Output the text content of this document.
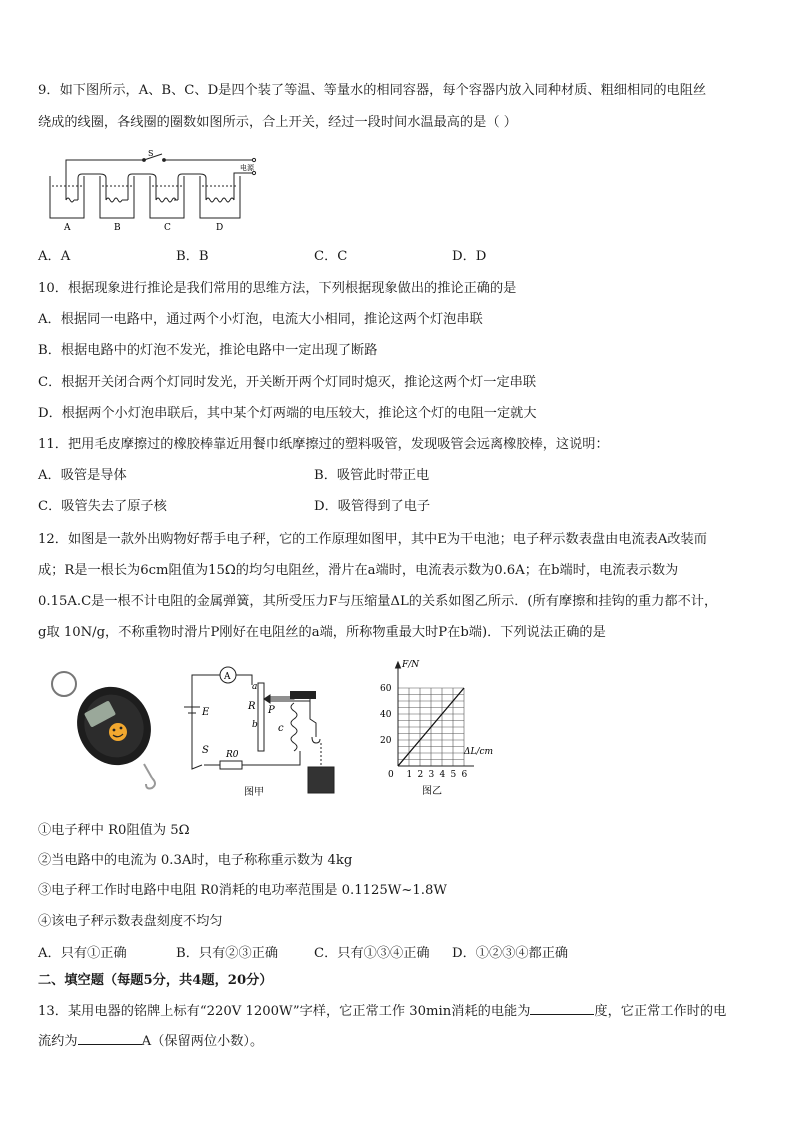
9．如下图所示，A、B、C、D是四个装了等温、等量水的相同容器，每个容器内放入同种材质、粗细相同的电阻丝
绕成的线圈，各线圈的圈数如图所示，合上开关，经过一段时间水温最高的是（ ）
S
电源
A	B	C	D
A．A	B．B	C．C	D．D
10．根据现象进行推论是我们常用的思维方法，下列根据现象做出的推论正确的是
A．根据同一电路中，通过两个小灯泡，电流大小相同，推论这两个灯泡串联
B．根据电路中的灯泡不发光，推论电路中一定出现了断路
C．根据开关闭合两个灯同时发光，开关断开两个灯同时熄灭，推论这两个灯一定串联
D．根据两个小灯泡串联后，其中某个灯两端的电压较大，推论这个灯的电阻一定就大
11．把用毛皮摩擦过的橡胶棒靠近用餐巾纸摩擦过的塑料吸管，发现吸管会远离橡胶棒，这说明：
A．吸管是导体	B．吸管此时带正电
C．吸管失去了原子核	D．吸管得到了电子
12．如图是一款外出购物好帮手电子秤，它的工作原理如图甲，其中E为干电池；电子秤示数表盘由电流表A改装而
成；R是一根长为6cm阻值为15Ω的均匀电阻丝，滑片在a端时，电流表示数为0.6A；在b端时，电流表示数为
0.15A.C是一根不计电阻的金属弹簧，其所受压力F与压缩量ΔL的关系如图乙所示．(所有摩擦和挂钩的重力都不计，
g取 10N/g，不称重物时滑片P刚好在电阻丝的a端，所称物重最大时P在b端)．下列说法正确的是
A
E
S R0
R
a
b
P
c
图甲
60
40
20
0 1 2 3 4 5 6
F/N
ΔL/cm
图乙
①电子秤中 R0阻值为 5Ω
②当电路中的电流为 0.3A时，电子称称重示数为 4kg
③电子秤工作时电路中电阻 R0消耗的电功率范围是 0.1125W~1.8W
④该电子秤示数表盘刻度不均匀
A．只有①正确	B．只有②③正确	C．只有①③④正确 D．①②③④都正确
二、填空题（每题5分，共4题，20分）
13．某用电器的铭牌上标有“220V 1200W”字样，它正常工作 30min消耗的电能为	度，它正常工作时的电
流约为	A（保留两位小数）。
